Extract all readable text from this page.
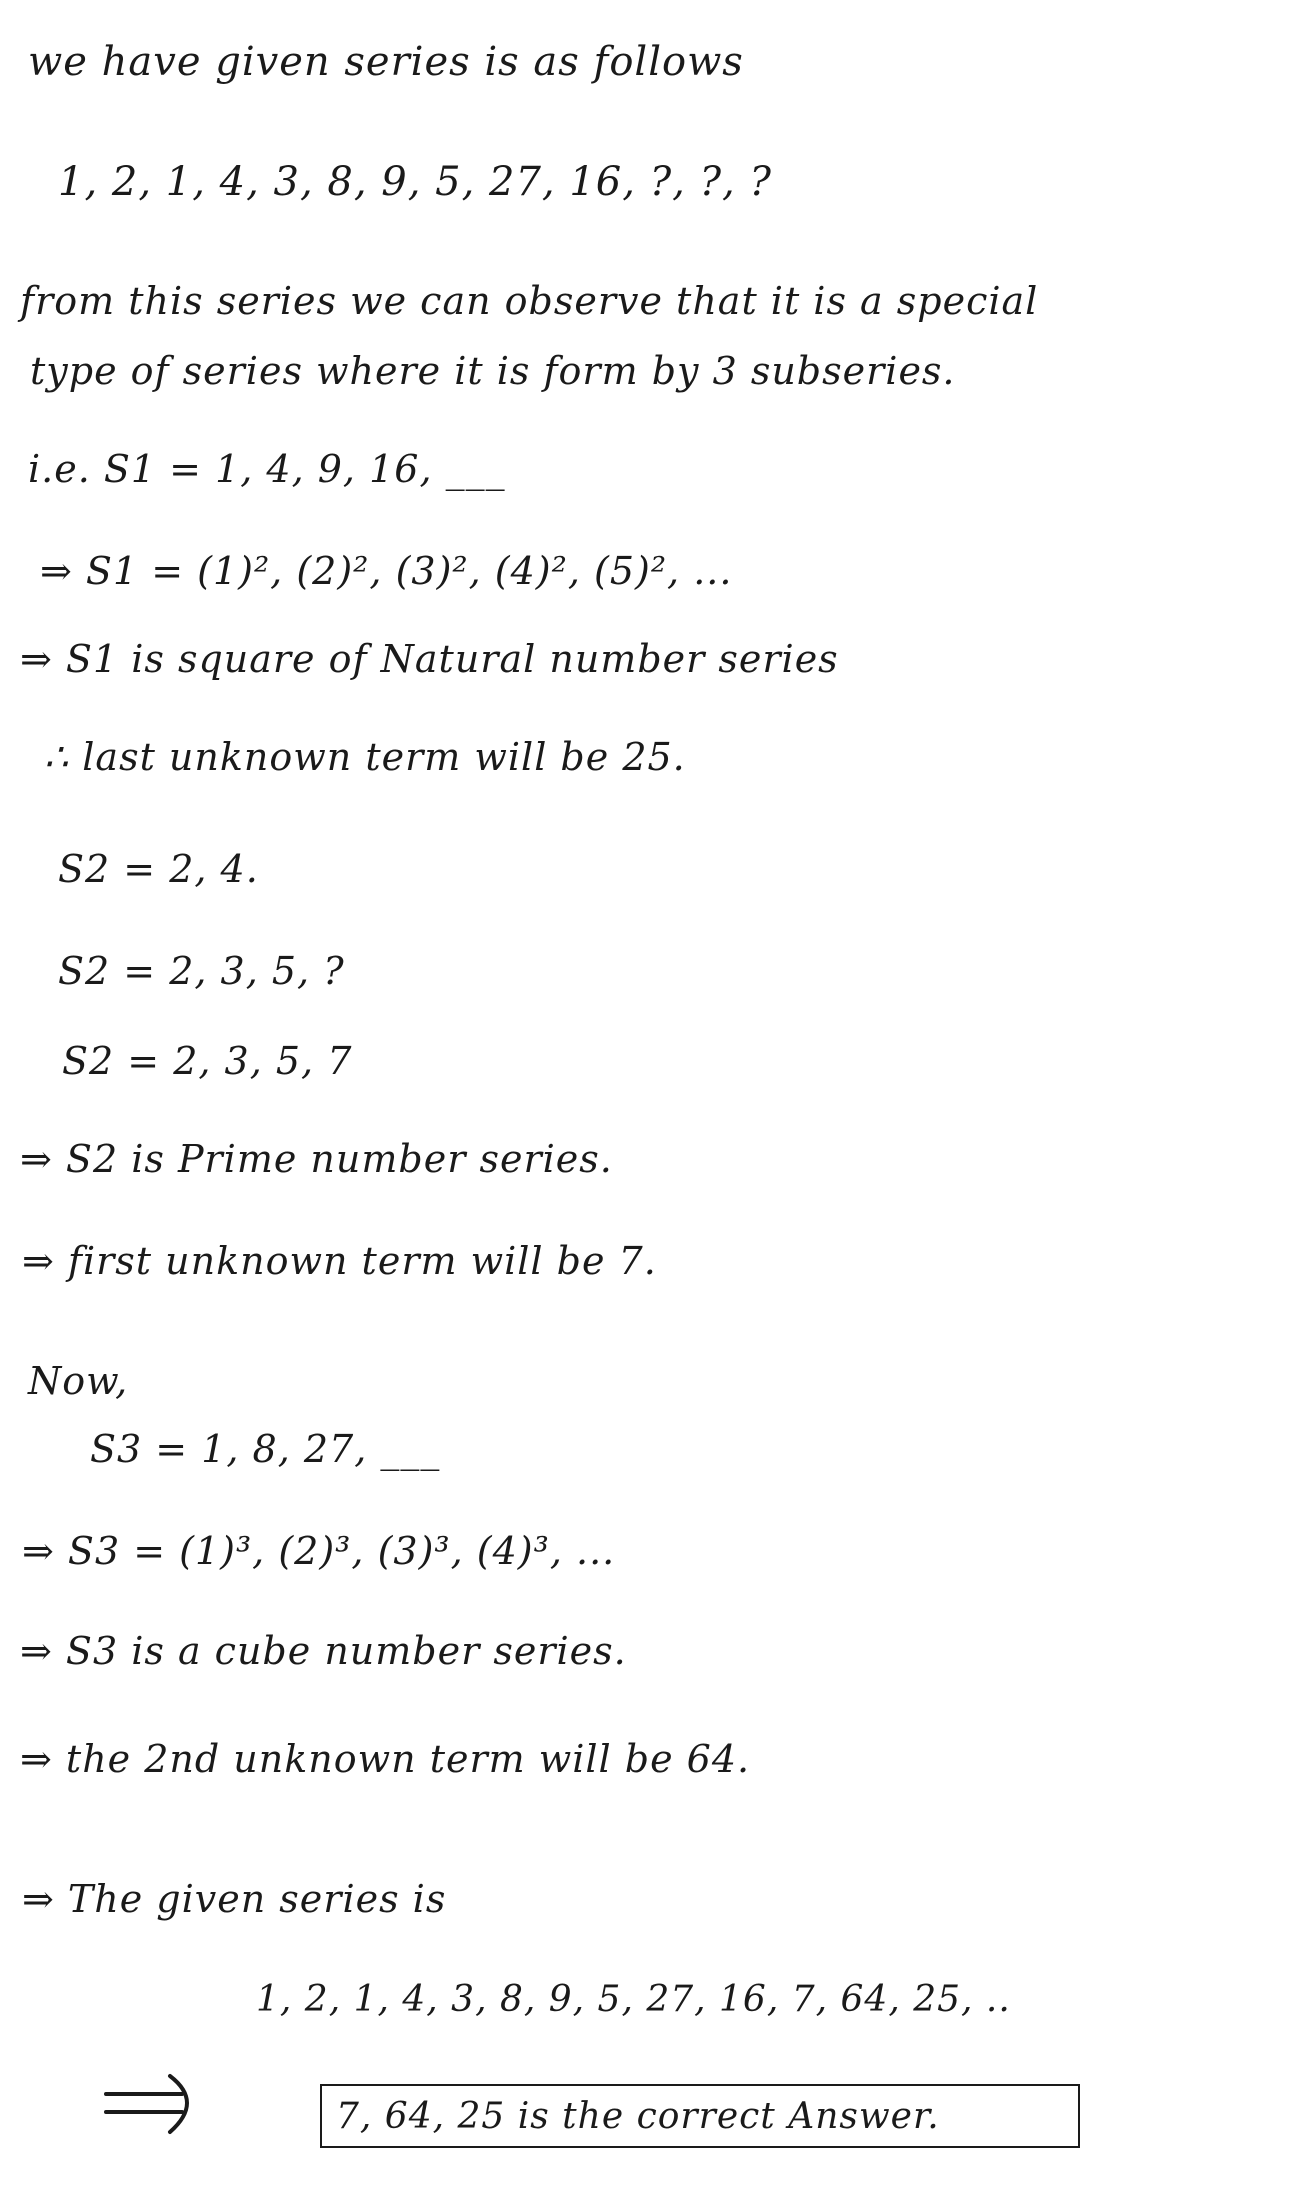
we have given series is as follows
1, 2, 1, 4, 3, 8, 9, 5, 27, 16, ?, ?, ?
from this series we can observe that it is a special
type of series where it is form by 3 subseries.
i.e. S1 = 1, 4, 9, 16, ___
⇒ S1 = (1)², (2)², (3)², (4)², (5)², ...
⇒ S1 is square of Natural number series
∴ last unknown term will be 25.
S2 = 2, 4.
S2 = 2, 3, 5, ?
S2 = 2, 3, 5, 7
⇒ S2 is Prime number series.
⇒ first unknown term will be 7.
Now,
S3 = 1, 8, 27, ___
⇒ S3 = (1)³, (2)³, (3)³, (4)³, ...
⇒ S3 is a cube number series.
⇒ the 2nd unknown term will be 64.
⇒ The given series is
1, 2, 1, 4, 3, 8, 9, 5, 27, 16, 7, 64, 25, ..
7, 64, 25 is the correct Answer.
